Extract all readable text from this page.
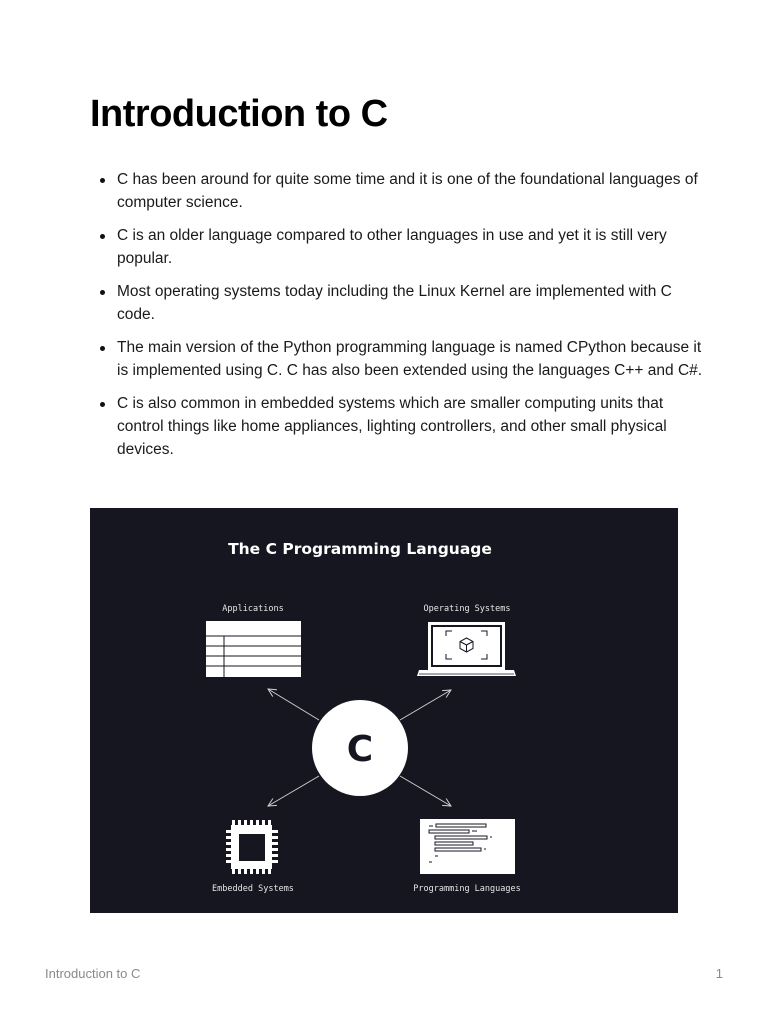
Introduction to C
C has been around for quite some time and it is one of the foundational languages of computer science.
C is an older language compared to other languages in use and yet it is still very popular.
Most operating systems today including the Linux Kernel are implemented with C code.
The main version of the Python programming language is named CPython because it is implemented using C. C has also been extended using the languages C++ and C#.
C is also common in embedded systems which are smaller computing units that control things like home appliances, lighting controllers, and other small physical devices.
The C Programming Language
Applications	Operating Systems
C
Embedded Systems	Programming Languages
Introduction to C	1
